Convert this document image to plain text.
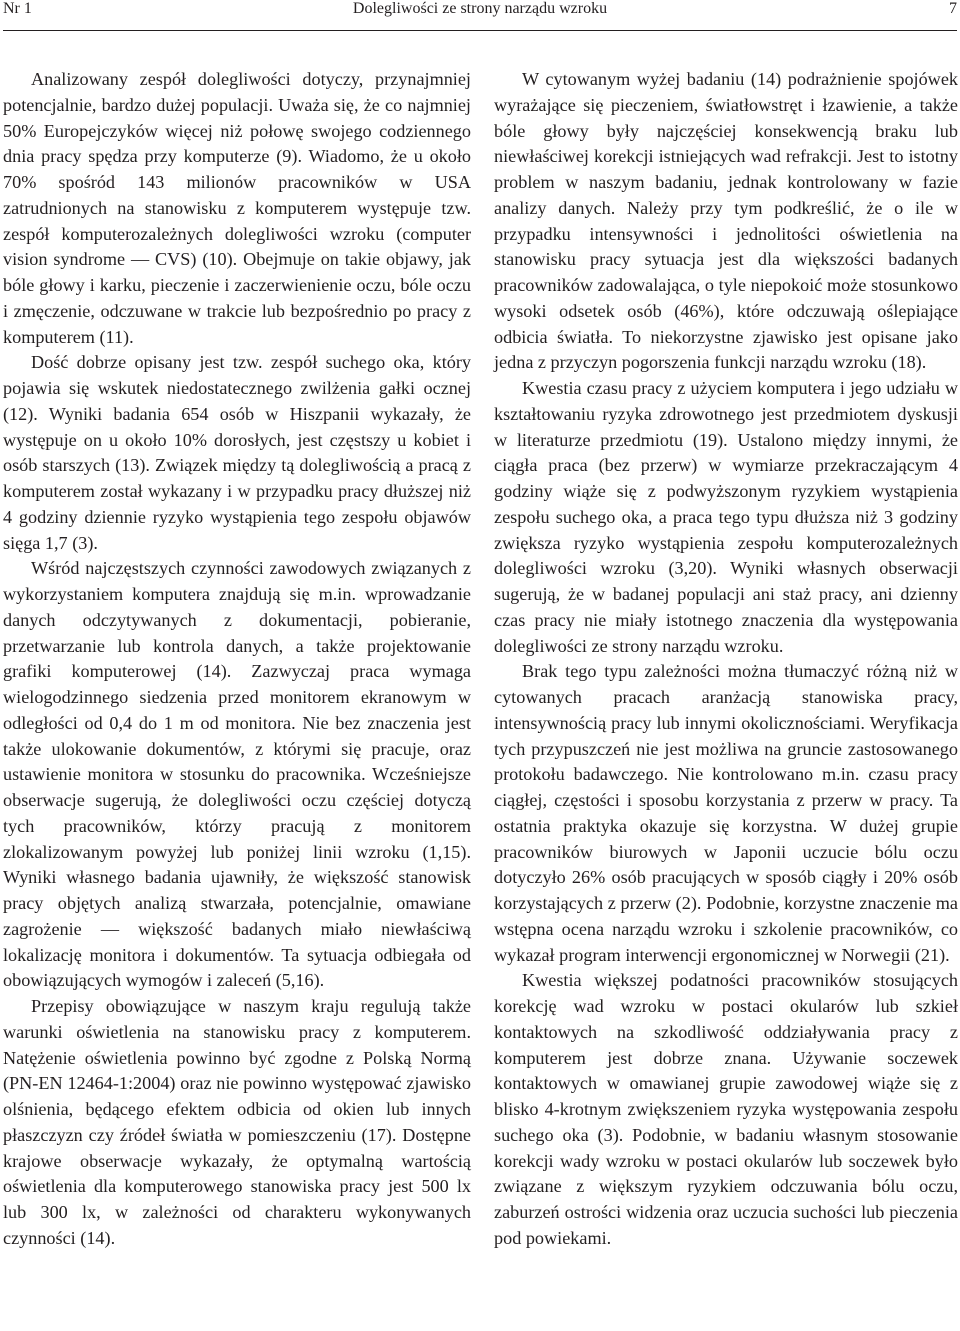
Nr 1	Dolegliwości ze strony narządu wzroku	7

Analizowany zespół dolegliwości dotyczy, przynajmniej potencjalnie, bardzo dużej populacji. Uważa się, że co najmniej 50% Europejczyków więcej niż połowę swojego codziennego dnia pracy spędza przy komputerze (9). Wiadomo, że u około 70% spośród 143 milionów pracowników w USA zatrudnionych na stanowisku z komputerem występuje tzw. zespół komputerozależnych dolegliwości wzroku (computer vision syndrome — CVS) (10). Obejmuje on takie objawy, jak bóle głowy i karku, pieczenie i zaczerwienienie oczu, bóle oczu i zmęczenie, odczuwane w trakcie lub bezpośrednio po pracy z komputerem (11).

Dość dobrze opisany jest tzw. zespół suchego oka, który pojawia się wskutek niedostatecznego zwilżenia gałki ocznej (12). Wyniki badania 654 osób w Hiszpanii wykazały, że występuje on u około 10% dorosłych, jest częstszy u kobiet i osób starszych (13). Związek między tą dolegliwością a pracą z komputerem został wykazany i w przypadku pracy dłuższej niż 4 godziny dziennie ryzyko wystąpienia tego zespołu objawów sięga 1,7 (3).

Wśród najczęstszych czynności zawodowych związanych z wykorzystaniem komputera znajdują się m.in. wprowadzanie danych odczytywanych z dokumentacji, pobieranie, przetwarzanie lub kontrola danych, a także projektowanie grafiki komputerowej (14). Zazwyczaj praca wymaga wielogodzinnego siedzenia przed monitorem ekranowym w odległości od 0,4 do 1 m od monitora. Nie bez znaczenia jest także ulokowanie dokumentów, z którymi się pracuje, oraz ustawienie monitora w stosunku do pracownika. Wcześniejsze obserwacje sugerują, że dolegliwości oczu częściej dotyczą tych pracowników, którzy pracują z monitorem zlokalizowanym powyżej lub poniżej linii wzroku (1,15). Wyniki własnego badania ujawniły, że większość stanowisk pracy objętych analizą stwarzała, potencjalnie, omawiane zagrożenie — większość badanych miało niewłaściwą lokalizację monitora i dokumentów. Ta sytuacja odbiegała od obowiązujących wymogów i zaleceń (5,16).

Przepisy obowiązujące w naszym kraju regulują także warunki oświetlenia na stanowisku pracy z komputerem. Natężenie oświetlenia powinno być zgodne z Polską Normą (PN-EN 12464-1:2004) oraz nie powinno występować zjawisko olśnienia, będącego efektem odbicia od okien lub innych płaszczyzn czy źródeł światła w pomieszczeniu (17). Dostępne krajowe obserwacje wykazały, że optymalną wartością oświetlenia dla komputerowego stanowiska pracy jest 500 lx lub 300 lx, w zależności od charakteru wykonywanych czynności (14).

W cytowanym wyżej badaniu (14) podrażnienie spojówek wyrażające się pieczeniem, światłowstręt i łzawienie, a także bóle głowy były najczęściej konsekwencją braku lub niewłaściwej korekcji istniejących wad refrakcji. Jest to istotny problem w naszym badaniu, jednak kontrolowany w fazie analizy danych. Należy przy tym podkreślić, że o ile w przypadku intensywności i jednolitości oświetlenia na stanowisku pracy sytuacja jest dla większości badanych pracowników zadowalająca, o tyle niepokoić może stosunkowo wysoki odsetek osób (46%), które odczuwają oślepiające odbicia światła. To niekorzystne zjawisko jest opisane jako jedna z przyczyn pogorszenia funkcji narządu wzroku (18).

Kwestia czasu pracy z użyciem komputera i jego udziału w kształtowaniu ryzyka zdrowotnego jest przedmiotem dyskusji w literaturze przedmiotu (19). Ustalono między innymi, że ciągła praca (bez przerw) w wymiarze przekraczającym 4 godziny wiąże się z podwyższonym ryzykiem wystąpienia zespołu suchego oka, a praca tego typu dłuższa niż 3 godziny zwiększa ryzyko wystąpienia zespołu komputerozależnych dolegliwości wzroku (3,20). Wyniki własnych obserwacji sugerują, że w badanej populacji ani staż pracy, ani dzienny czas pracy nie miały istotnego znaczenia dla występowania dolegliwości ze strony narządu wzroku.

Brak tego typu zależności można tłumaczyć różną niż w cytowanych pracach aranżacją stanowiska pracy, intensywnością pracy lub innymi okolicznościami. Weryfikacja tych przypuszczeń nie jest możliwa na gruncie zastosowanego protokołu badawczego. Nie kontrolowano m.in. czasu pracy ciągłej, częstości i sposobu korzystania z przerw w pracy. Ta ostatnia praktyka okazuje się korzystna. W dużej grupie pracowników biurowych w Japonii uczucie bólu oczu dotyczyło 26% osób pracujących w sposób ciągły i 20% osób korzystających z przerw (2). Podobnie, korzystne znaczenie ma wstępna ocena narządu wzroku i szkolenie pracowników, co wykazał program interwencji ergonomicznej w Norwegii (21).

Kwestia większej podatności pracowników stosujących korekcję wad wzroku w postaci okularów lub szkieł kontaktowych na szkodliwość oddziaływania pracy z komputerem jest dobrze znana. Używanie soczewek kontaktowych w omawianej grupie zawodowej wiąże się z blisko 4-krotnym zwiększeniem ryzyka występowania zespołu suchego oka (3). Podobnie, w badaniu własnym stosowanie korekcji wady wzroku w postaci okularów lub soczewek było związane z większym ryzykiem odczuwania bólu oczu, zaburzeń ostrości widzenia oraz uczucia suchości lub pieczenia pod powiekami.
